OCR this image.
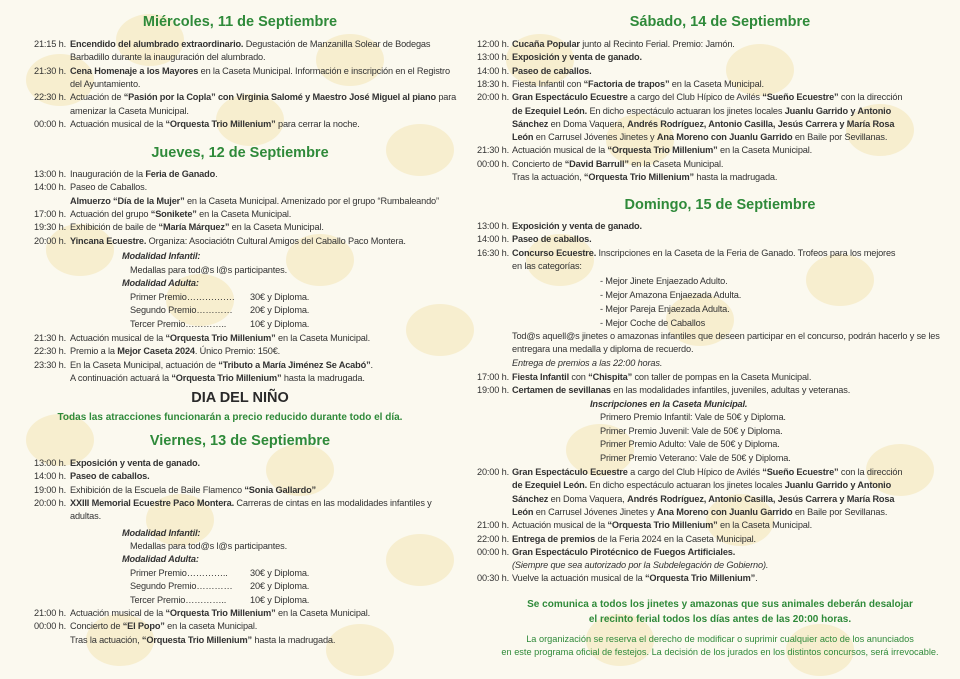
Miércoles, 11 de Septiembre
21:15 h. Encendido del alumbrado extraordinario. Degustación de Manzanilla Solear de Bodegas
Barbadillo durante la inauguración del alumbrado.
21:30 h. Cena Homenaje a los Mayores en la Caseta Municipal. Información e inscripción en el Registro
del Ayuntamiento.
22:30 h. Actuación de “Pasión por la Copla” con Virginia Salomé y Maestro José Miguel al piano para
amenizar la Caseta Municipal.
00:00 h. Actuación musical de la “Orquesta Trio Millenium” para cerrar la noche.
Jueves, 12 de Septiembre
13:00 h. Inauguración de la Feria de Ganado.
14:00 h. Paseo de Caballos.
Almuerzo “Día de la Mujer” en la Caseta Municipal. Amenizado por el grupo “Rumbaleando”
17:00 h. Actuación del grupo “Sonikete” en la Caseta Municipal.
19:30 h. Exhibición de baile de “María Márquez” en la Caseta Municipal.
20:00 h. Yincana Ecuestre. Organiza: Asociaciótn Cultural Amigos del Caballo Paco Montera.
Modalidad Infantil:
Medallas para tod@s l@s participantes.
Modalidad Adulta:
Primer Premio……………. 30€ y Diploma.
Segundo Premio………… 20€ y Diploma.
Tercer Premio…………..	10€ y Diploma.
21:30 h. Actuación musical de la “Orquesta Trio Millenium” en la Caseta Municipal.
22:30 h. Premio a la Mejor Caseta 2024. Único Premio: 150€.
23:30 h. En la Caseta Municipal, actuación de “Tributo a María Jiménez Se Acabó”.
A continuación actuará la “Orquesta Trio Millenium” hasta la madrugada.
DIA DEL NIÑO
Todas las atracciones funcionarán a precio reducido durante todo el día.
Viernes, 13 de Septiembre
13:00 h. Exposición y venta de ganado.
14:00 h. Paseo de caballos.
19:00 h. Exhibición de la Escuela de Baile Flamenco “Sonia Gallardo”
20:00 h. XXIII Memorial Ecuestre Paco Montera. Carreras de cintas en las modalidades infantiles y
adultas.
Modalidad Infantil:
Medallas para tod@s l@s participantes.
Modalidad Adulta:
Primer Premio………….. 30€ y Diploma.
Segundo Premio………… 20€ y Diploma.
Tercer Premio…………..	10€ y Diploma.
21:00 h. Actuación musical de la “Orquesta Trio Millenium” en la Caseta Municipal.
00:00 h. Concierto de “El Popo” en la caseta Municipal.
Tras la actuación, “Orquesta Trio Millenium” hasta la madrugada.
Sábado, 14 de Septiembre
12:00 h. Cucaña Popular junto al Recinto Ferial. Premio: Jamón.
13:00 h. Exposición y venta de ganado.
14:00 h. Paseo de caballos.
18:30 h. Fiesta Infantil con “Factoria de trapos” en la Caseta Municipal.
20:00 h. Gran Espectáculo Ecuestre a cargo del Club Hípico de Avilés “Sueño Ecuestre” con la dirección
de Ezequiel León. En dicho espectáculo actuaran los jinetes locales Juanlu Garrido y Antonio
Sánchez en Doma Vaquera, Andrés Rodríguez, Antonio Casilla, Jesús Carrera y María Rosa
León en Carrusel Jóvenes Jinetes y Ana Moreno con Juanlu Garrido en Baile por Sevillanas.
21:30 h. Actuación musical de la “Orquesta Trio Millenium” en la Caseta Municipal.
00:00 h. Concierto de “David Barrull” en la Caseta Municipal.
Tras la actuación, “Orquesta Trio Millenium” hasta la madrugada.
Domingo, 15 de Septiembre
13:00 h. Exposición y venta de ganado.
14:00 h. Paseo de caballos.
16:30 h. Concurso Ecuestre. Inscripciones en la Caseta de la Feria de Ganado. Trofeos para los mejores
en las categorías:
- Mejor Jinete Enjaezado Adulto.
- Mejor Amazona Enjaezada Adulta.
- Mejor Pareja Enjaezada Adulta.
- Mejor Coche de Caballos
Tod@s aquell@s jinetes o amazonas infantiles que deseen participar en el concurso, podrán hacerlo y se les
entregara una medalla y diploma de recuerdo.
Entrega de premios a las 22:00 horas.
17:00 h. Fiesta Infantil con “Chispita” con taller de pompas en la Caseta Municipal.
19:00 h. Certamen de sevillanas en las modalidades infantiles, juveniles, adultas y veteranas.
Inscripciones en la Caseta Municipal.
Primero Premio Infantil: Vale de 50€ y Diploma.
Primer Premio Juvenil: Vale de 50€ y Diploma.
Primer Premio Adulto: Vale de 50€ y Diploma.
Primer Premio Veterano: Vale de 50€ y Diploma.
20:00 h. Gran Espectáculo Ecuestre a cargo del Club Hípico de Avilés “Sueño Ecuestre” con la dirección
de Ezequiel León. En dicho espectáculo actuaran los jinetes locales Juanlu Garrido y Antonio
Sánchez en Doma Vaquera, Andrés Rodríguez, Antonio Casilla, Jesús Carrera y María Rosa
León en Carrusel Jóvenes Jinetes y Ana Moreno con Juanlu Garrido en Baile por Sevillanas.
21:00 h. Actuación musical de la “Orquesta Trio Millenium” en la Caseta Municipal.
22:00 h. Entrega de premios de la Feria 2024 en la Caseta Municipal.
00:00 h. Gran Espectáculo Pirotécnico de Fuegos Artificiales.
(Siempre que sea autorizado por la Subdelegación de Gobierno).
00:30 h. Vuelve la actuación musical de la “Orquesta Trio Millenium”.
Se comunica a todos los jinetes y amazonas que sus animales deberán desalojar
el recinto ferial todos los días antes de las 20:00 horas.
La organización se reserva el derecho de modificar o suprimir cualquier acto de los anunciados
en este programa oficial de festejos. La decisión de los jurados en los distintos concursos, será irrevocable.
